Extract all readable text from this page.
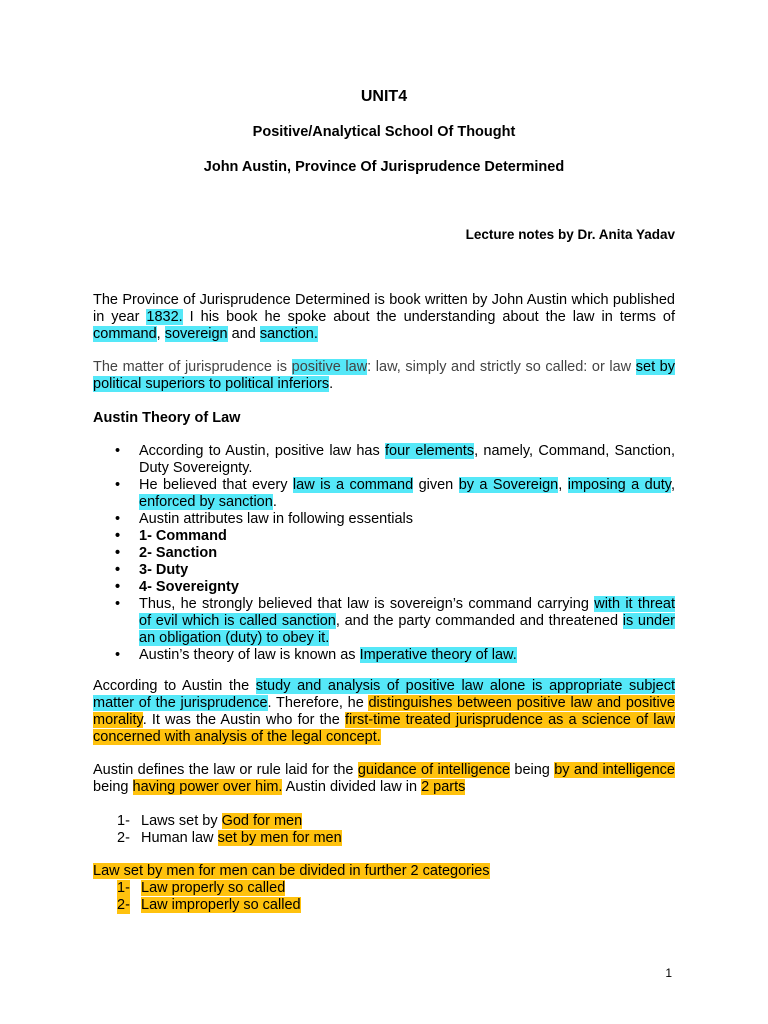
UNIT4
Positive/Analytical School Of Thought
John Austin, Province Of Jurisprudence Determined
Lecture notes by Dr. Anita Yadav
The Province of Jurisprudence Determined is book written by John Austin which published in year 1832. I his book he spoke about the understanding about the law in terms of command, sovereign and sanction.
The matter of jurisprudence is positive law: law, simply and strictly so called: or law set by political superiors to political inferiors.
Austin Theory of Law
• According to Austin, positive law has four elements, namely, Command, Sanction, Duty Sovereignty.
• He believed that every law is a command given by a Sovereign, imposing a duty, enforced by sanction.
• Austin attributes law in following essentials
• 1- Command
• 2- Sanction
• 3- Duty
• 4- Sovereignty
• Thus, he strongly believed that law is sovereign’s command carrying with it threat of evil which is called sanction, and the party commanded and threatened is under an obligation (duty) to obey it.
• Austin’s theory of law is known as Imperative theory of law.
According to Austin the study and analysis of positive law alone is appropriate subject matter of the jurisprudence. Therefore, he distinguishes between positive law and positive morality. It was the Austin who for the first-time treated jurisprudence as a science of law concerned with analysis of the legal concept.
Austin defines the law or rule laid for the guidance of intelligence being by and intelligence being having power over him. Austin divided law in 2 parts
1- Laws set by God for men
2- Human law set by men for men
Law set by men for men can be divided in further 2 categories
1- Law properly so called
2- Law improperly so called
1
